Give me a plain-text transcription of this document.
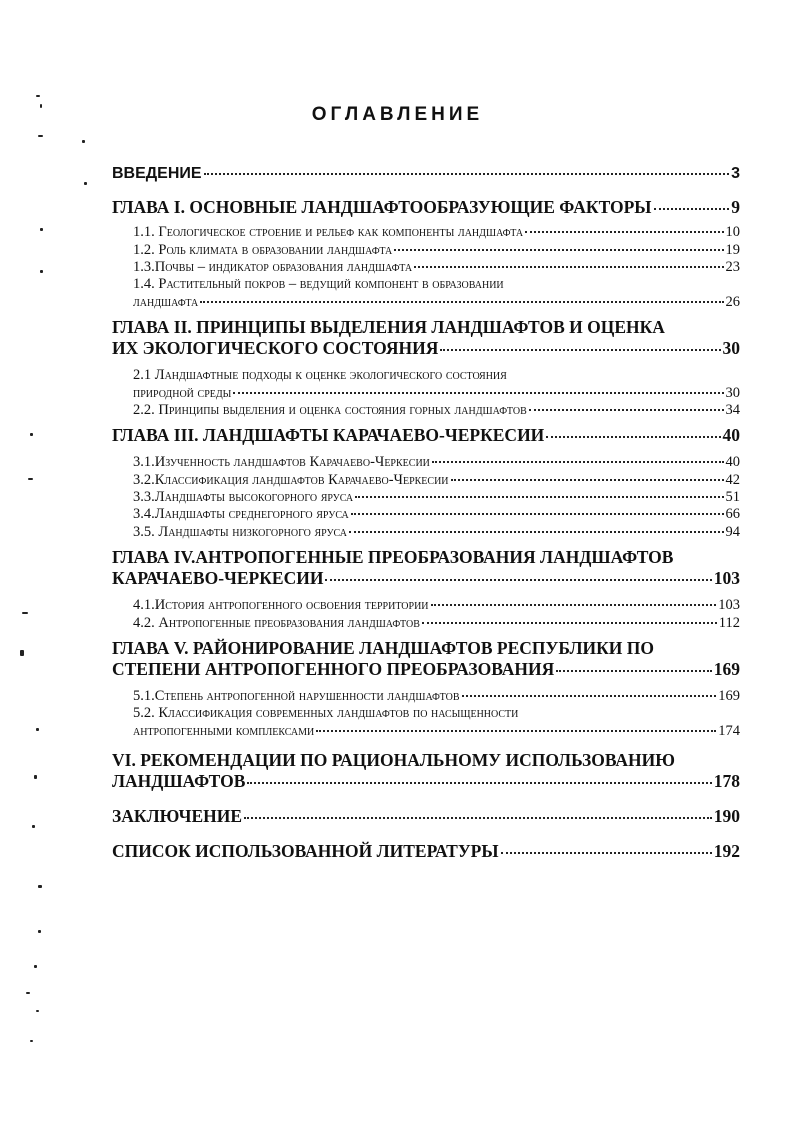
ОГЛАВЛЕНИЕ
ВВЕДЕНИЕ	3
ГЛАВА I. ОСНОВНЫЕ ЛАНДШАФТООБРАЗУЮЩИЕ ФАКТОРЫ	9
1.1. Геологическое строение и рельеф как компоненты ландшафта	10
1.2. Роль климата в образовании ландшафта	19
1.3.Почвы – индикатор образования ландшафта	23
1.4. Растительный покров – ведущий компонент в образовании
ландшафта	26
ГЛАВА II. ПРИНЦИПЫ ВЫДЕЛЕНИЯ ЛАНДШАФТОВ И ОЦЕНКА
ИХ ЭКОЛОГИЧЕСКОГО СОСТОЯНИЯ	30
2.1 Ландшафтные подходы к оценке экологического состояния
природной среды	30
2.2. Принципы выделения и оценка состояния горных ландшафтов	34
ГЛАВА III. ЛАНДШАФТЫ КАРАЧАЕВО-ЧЕРКЕСИИ	40
3.1.Изученность ландшафтов Карачаево-Черкесии	40
3.2.Классификация ландшафтов Карачаево-Черкесии	42
3.3.Ландшафты высокогорного яруса	51
3.4.Ландшафты среднегорного яруса	66
3.5. Ландшафты низкогорного яруса	94
ГЛАВА IV.АНТРОПОГЕННЫЕ ПРЕОБРАЗОВАНИЯ ЛАНДШАФТОВ
КАРАЧАЕВО-ЧЕРКЕСИИ	103
4.1.История антропогенного освоения территории	103
4.2. Антропогенные преобразования ландшафтов	112
ГЛАВА V. РАЙОНИРОВАНИЕ ЛАНДШАФТОВ РЕСПУБЛИКИ ПО
СТЕПЕНИ АНТРОПОГЕННОГО ПРЕОБРАЗОВАНИЯ	169
5.1.Степень антропогенной нарушенности ландшафтов	169
5.2. Классификация современных ландшафтов по насыщенности
антропогенными комплексами	174
VI. РЕКОМЕНДАЦИИ ПО РАЦИОНАЛЬНОМУ ИСПОЛЬЗОВАНИЮ
ЛАНДШАФТОВ	178
ЗАКЛЮЧЕНИЕ	190
СПИСОК ИСПОЛЬЗОВАННОЙ ЛИТЕРАТУРЫ	192
